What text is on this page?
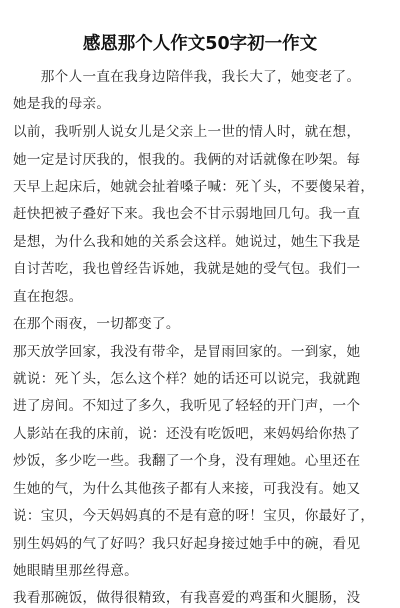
感恩那个人作文50字初一作文
　　那个人一直在我身边陪伴我，我长大了，她变老了。
她是我的母亲。
以前，我听别人说女儿是父亲上一世的情人时，就在想，
她一定是讨厌我的，恨我的。我俩的对话就像在吵架。每
天早上起床后，她就会扯着嗓子喊：死丫头，不要傻呆着，
赶快把被子叠好下来。我也会不甘示弱地回几句。我一直
是想，为什么我和她的关系会这样。她说过，她生下我是
自讨苦吃，我也曾经告诉她，我就是她的受气包。我们一
直在抱怨。
在那个雨夜，一切都变了。
那天放学回家，我没有带伞，是冒雨回家的。一到家，她
就说：死丫头，怎么这个样？她的话还可以说完，我就跑
进了房间。不知过了多久，我听见了轻轻的开门声，一个
人影站在我的床前，说：还没有吃饭吧，来妈妈给你热了
炒饭，多少吃一些。我翻了一个身，没有理她。心里还在
生她的气，为什么其他孩子都有人来接，可我没有。她又
说：宝贝，今天妈妈真的不是有意的呀！宝贝，你最好了，
别生妈妈的气了好吗？我只好起身接过她手中的碗，看见
她眼睛里那丝得意。
我看那碗饭，做得很精致，有我喜爱的鸡蛋和火腿肠，没
